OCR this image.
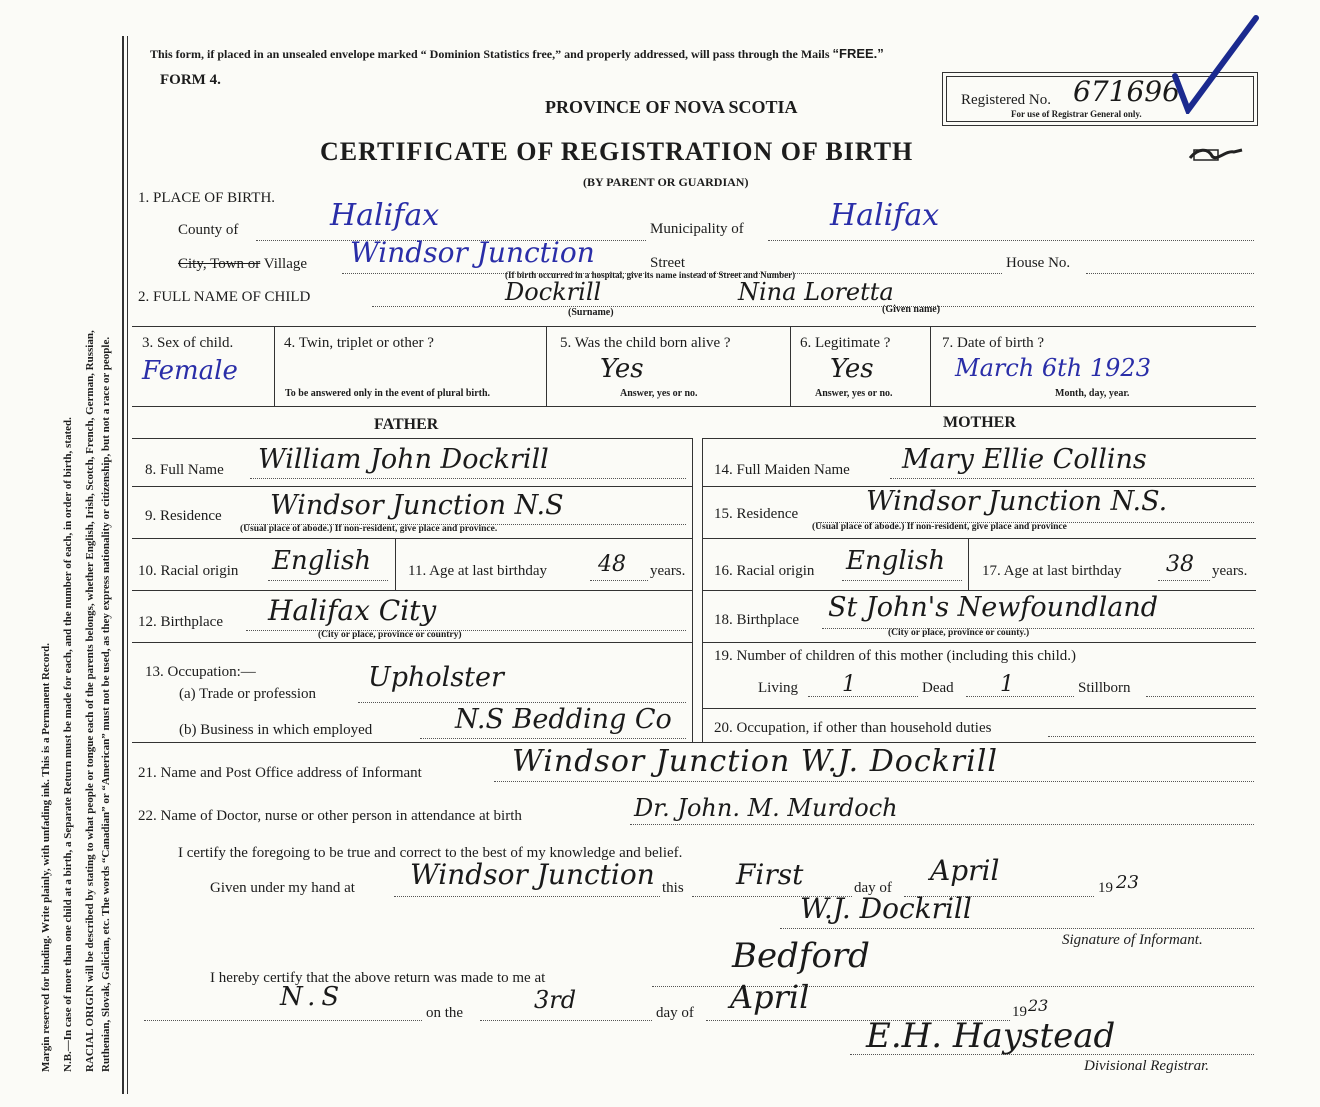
Margin reserved for binding. Write plainly, with unfading ink. This is a Permanent Record. N.B.—In case of more than one child at a birth, a Separate Return must be made for each, and the number of each, in order of birth, stated. RACIAL ORIGIN will be described by stating to what people or tongue each of the parents belongs, whether English, Irish, Scotch, French, German, Russian, Ruthenian, Slovak, Galician, etc. The words “Canadian” or “American” must not be used, as they express nationality or citizenship, but not a race or people.
This form, if placed in an unsealed envelope marked “ Dominion Statistics free,” and properly addressed, will pass through the Mails “FREE.”
FORM 4.
PROVINCE OF NOVA SCOTIA
CERTIFICATE OF REGISTRATION OF BIRTH
(BY PARENT OR GUARDIAN)
Registered No. 671696
For use of Registrar General only.
1. PLACE OF BIRTH.
County of	Halifax	Municipality of	Halifax
City, Town or Village Windsor Junction	Street	House No.
(If birth occurred in a hospital, give its name instead of Street and Number)
2. FULL NAME OF CHILD	Dockrill	Nina Loretta
(Surname)	(Given name)
3. Sex of child.
Female
4. Twin, triplet or other ?
To be answered only in the event of plural birth.
5. Was the child born alive ?
Yes
Answer, yes or no.
6. Legitimate ?
Yes
Answer, yes or no.
7. Date of birth ?
March 6th 1923
Month, day, year.
FATHER	MOTHER
8. Full Name William John Dockrill
9. Residence Windsor Junction N.S
(Usual place of abode.) If non-resident, give place and province.
10. Racial origin English 11. Age at last birthday 48 years.
12. Birthplace Halifax City
(City or place, province or country)
13. Occupation:—
(a) Trade or profession
Upholster
(b) Business in which employed	N.S Bedding Co
14. Full Maiden Name Mary Ellie Collins
15. Residence	Windsor Junction N.S.
(Usual place of abode.) If non-resident, give place and province
16. Racial origin English 17. Age at last birthday 38 years.
18. Birthplace St John's Newfoundland
(City or place, province or county.)
19. Number of children of this mother (including this child.)
Living 1	Dead 1	Stillborn
20. Occupation, if other than household duties
21. Name and Post Office address of Informant	Windsor Junction W.J. Dockrill
22. Name of Doctor, nurse or other person in attendance at birth	Dr. John. M. Murdoch
I certify the foregoing to be true and correct to the best of my knowledge and belief.
Given under my hand at Windsor Junction this First	day of
April
19 23
W.J. Dockrill
Signature of Informant.
I hereby certify that the above return was made to me at
Bedford
N.S
on the	3rd	day of April	19 23
E.H. Haystead
Divisional Registrar.
